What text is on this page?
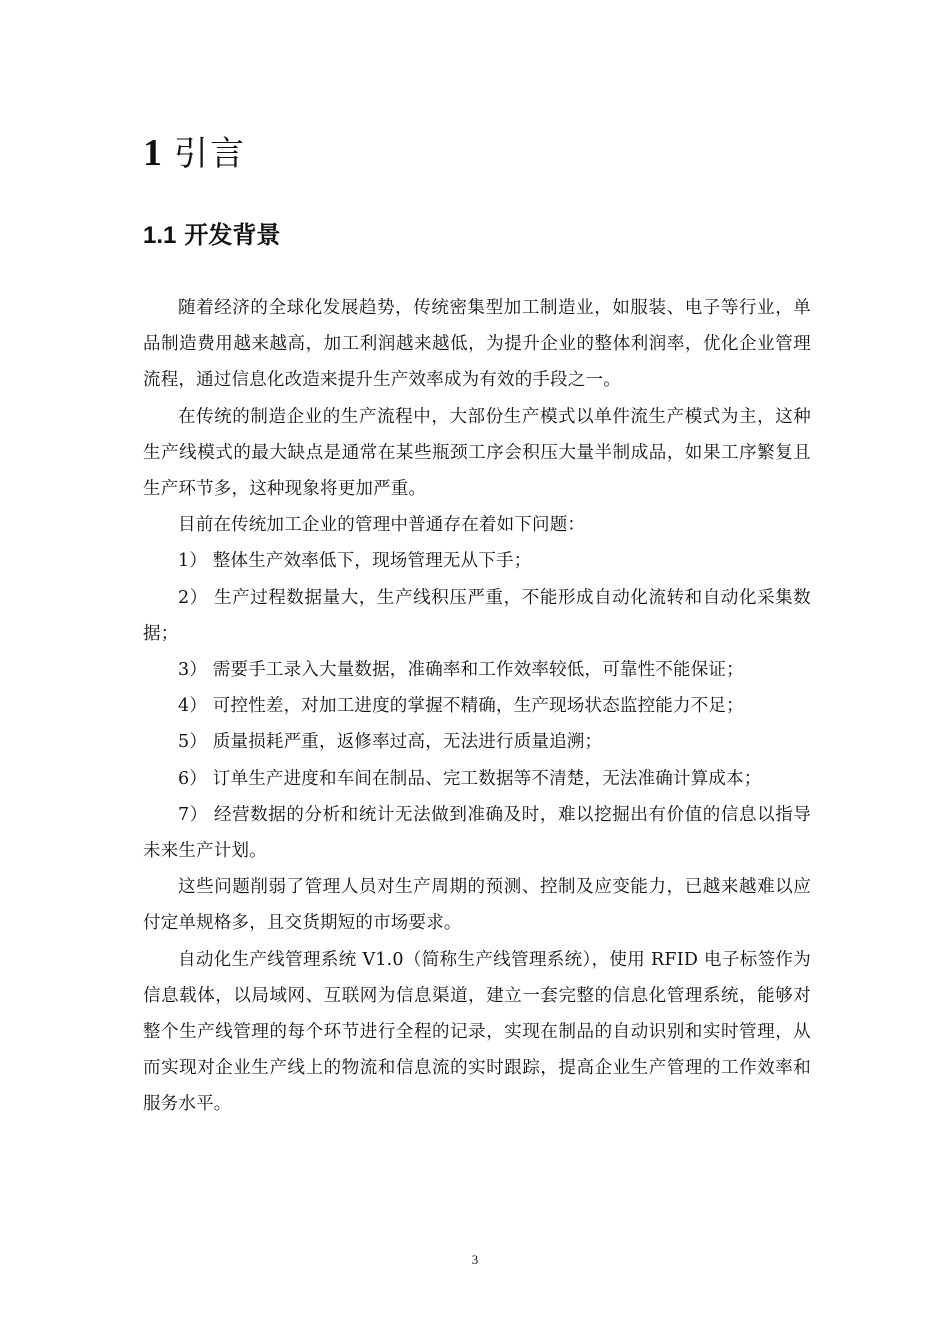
1 引言
1.1 开发背景

随着经济的全球化发展趋势，传统密集型加工制造业，如服装、电子等行业，单品制造费用越来越高，加工利润越来越低，为提升企业的整体利润率，优化企业管理流程，通过信息化改造来提升生产效率成为有效的手段之一。

在传统的制造企业的生产流程中，大部份生产模式以单件流生产模式为主，这种生产线模式的最大缺点是通常在某些瓶颈工序会积压大量半制成品，如果工序繁复且生产环节多，这种现象将更加严重。

目前在传统加工企业的管理中普通存在着如下问题：

1） 整体生产效率低下，现场管理无从下手；

2） 生产过程数据量大，生产线积压严重，不能形成自动化流转和自动化采集数据；

3） 需要手工录入大量数据，准确率和工作效率较低，可靠性不能保证；

4） 可控性差，对加工进度的掌握不精确，生产现场状态监控能力不足；

5） 质量损耗严重，返修率过高，无法进行质量追溯；

6） 订单生产进度和车间在制品、完工数据等不清楚，无法准确计算成本；

7） 经营数据的分析和统计无法做到准确及时，难以挖掘出有价值的信息以指导未来生产计划。

这些问题削弱了管理人员对生产周期的预测、控制及应变能力，已越来越难以应付定单规格多，且交货期短的市场要求。

自动化生产线管理系统 V1.0（简称生产线管理系统），使用 RFID 电子标签作为信息载体，以局域网、互联网为信息渠道，建立一套完整的信息化管理系统，能够对整个生产线管理的每个环节进行全程的记录，实现在制品的自动识别和实时管理，从而实现对企业生产线上的物流和信息流的实时跟踪，提高企业生产管理的工作效率和服务水平。

3
